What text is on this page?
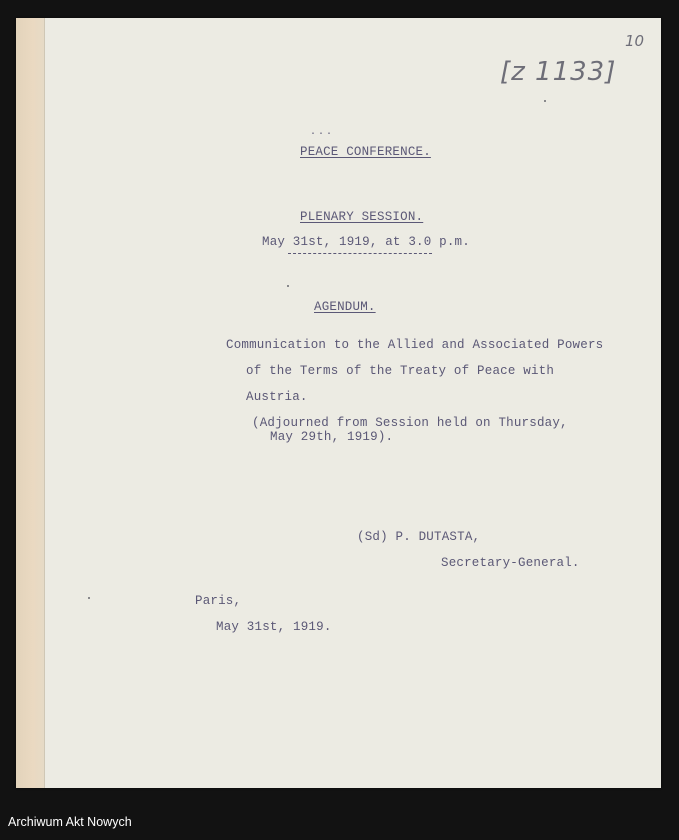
10
[z 1133]
...
PEACE CONFERENCE.
PLENARY SESSION.
May 31st, 1919, at 3.0 p.m.
AGENDUM.
Communication to the Allied and Associated Powers
of the Terms of the Treaty of Peace with
Austria.
(Adjourned from Session held on Thursday,
May 29th, 1919).
(Sd) P. DUTASTA,
Secretary-General.
Paris,
May 31st, 1919.
Archiwum Akt Nowych
